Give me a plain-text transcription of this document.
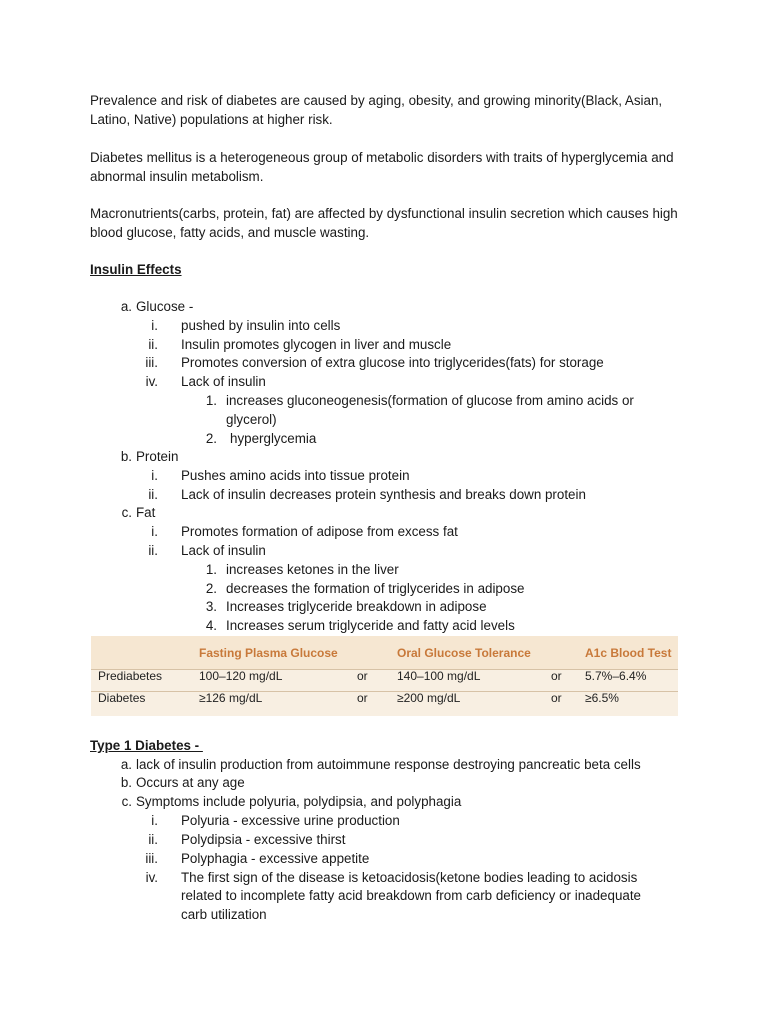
Prevalence and risk of diabetes are caused by aging, obesity, and growing minority(Black, Asian, Latino, Native) populations at higher risk.

Diabetes mellitus is a heterogeneous group of metabolic disorders with traits of hyperglycemia and abnormal insulin metabolism.

Macronutrients(carbs, protein, fat) are affected by dysfunctional insulin secretion which causes high blood glucose, fatty acids, and muscle wasting.

Insulin Effects

a. Glucose -
i. pushed by insulin into cells
ii. Insulin promotes glycogen in liver and muscle
iii. Promotes conversion of extra glucose into triglycerides(fats) for storage
iv. Lack of insulin
1. increases gluconeogenesis(formation of glucose from amino acids or
glycerol)
2. hyperglycemia
b. Protein
i. Pushes amino acids into tissue protein
ii. Lack of insulin decreases protein synthesis and breaks down protein
c. Fat
i. Promotes formation of adipose from excess fat
ii. Lack of insulin
1. increases ketones in the liver
2. decreases the formation of triglycerides in adipose
3. Increases triglyceride breakdown in adipose
4. Increases serum triglyceride and fatty acid levels
Fasting Plasma Glucose	Oral Glucose Tolerance	A1c Blood Test
Prediabetes	100–120 mg/dL	or 140–100 mg/dL	or 5.7%–6.4%
Diabetes	≥126 mg/dL	or ≥200 mg/dL	or ≥6.5%

Type 1 Diabetes -

a. lack of insulin production from autoimmune response destroying pancreatic beta cells
b. Occurs at any age
c. Symptoms include polyuria, polydipsia, and polyphagia
i. Polyuria - excessive urine production
ii. Polydipsia - excessive thirst
iii. Polyphagia - excessive appetite
iv. The first sign of the disease is ketoacidosis(ketone bodies leading to acidosis
related to incomplete fatty acid breakdown from carb deficiency or inadequate
carb utilization
